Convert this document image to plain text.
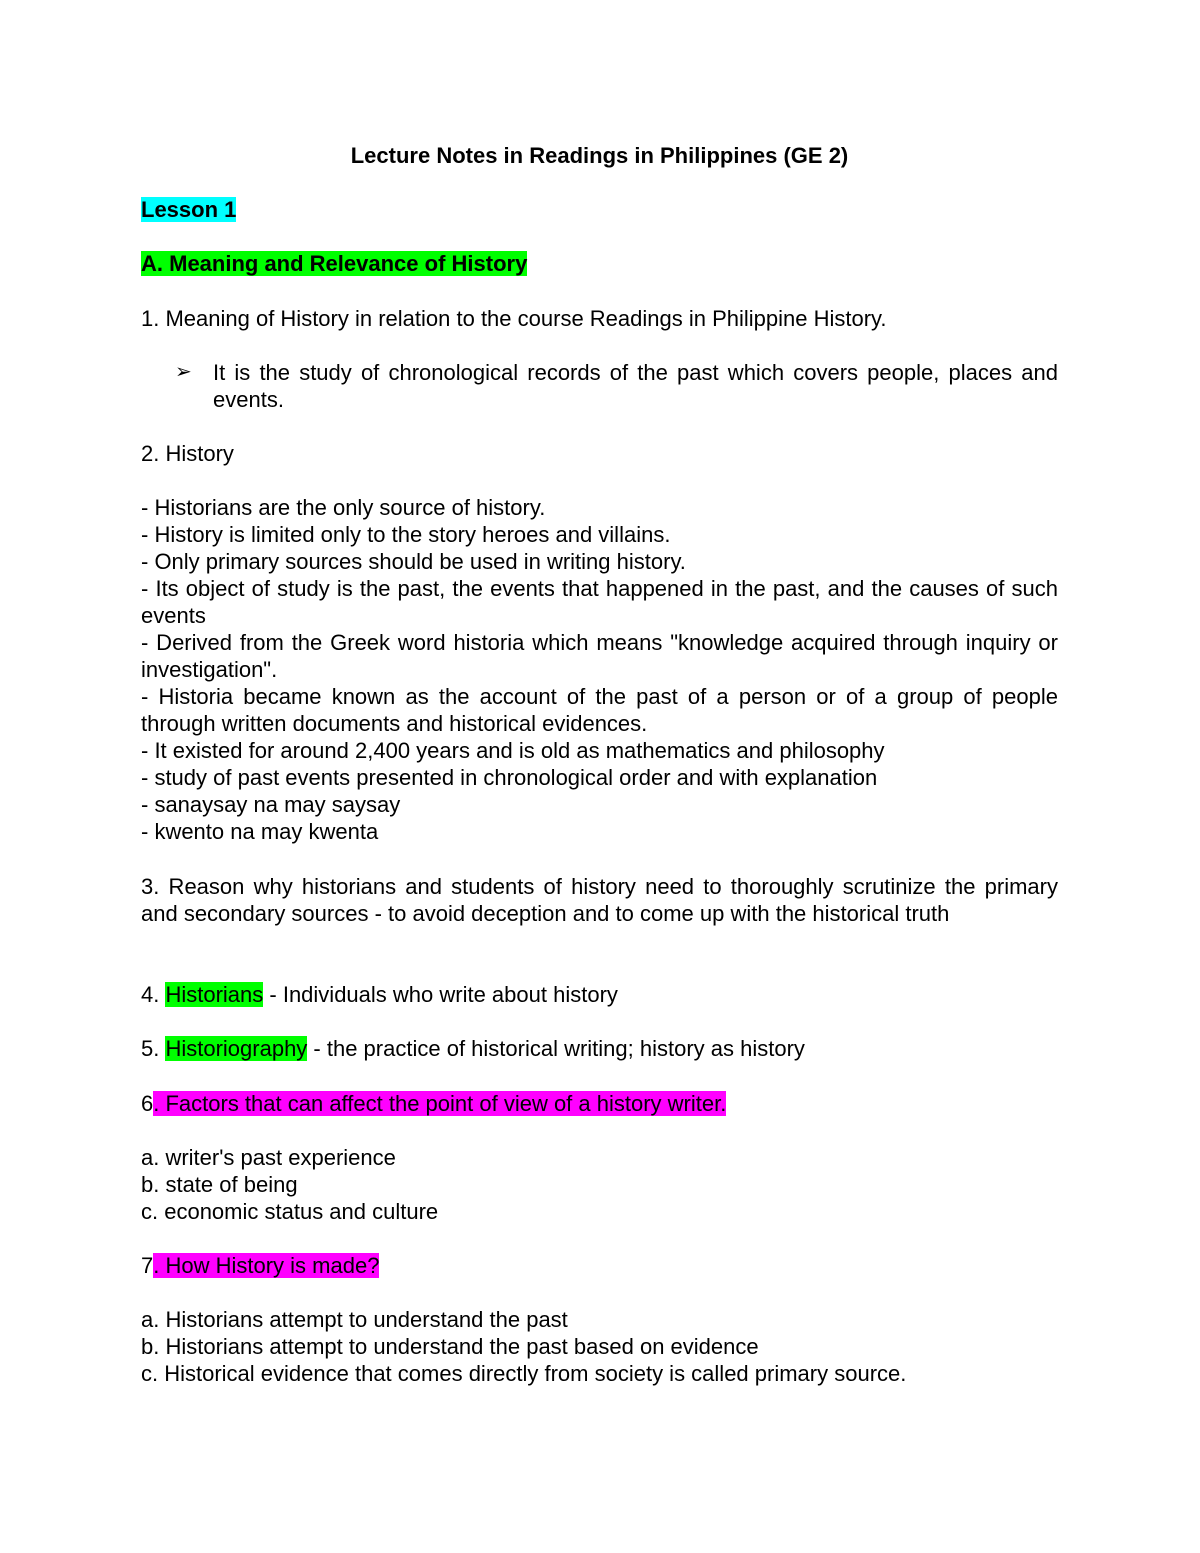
Lecture Notes in Readings in Philippines (GE 2)
Lesson 1
A. Meaning and Relevance of History
1. Meaning of History in relation to the course Readings in Philippine History.
➢ It is the study of chronological records of the past which covers people, places and events.
2. History
- Historians are the only source of history.
- History is limited only to the story heroes and villains.
- Only primary sources should be used in writing history.
- Its object of study is the past, the events that happened in the past, and the causes of such events
- Derived from the Greek word historia which means "knowledge acquired through inquiry or investigation".
- Historia became known as the account of the past of a person or of a group of people through written documents and historical evidences.
- It existed for around 2,400 years and is old as mathematics and philosophy
- study of past events presented in chronological order and with explanation
- sanaysay na may saysay
- kwento na may kwenta
3. Reason why historians and students of history need to thoroughly scrutinize the primary and secondary sources - to avoid deception and to come up with the historical truth
4. Historians - Individuals who write about history
5. Historiography - the practice of historical writing; history as history
6. Factors that can affect the point of view of a history writer.
a. writer's past experience
b. state of being
c. economic status and culture
7. How History is made?
a. Historians attempt to understand the past
b. Historians attempt to understand the past based on evidence
c. Historical evidence that comes directly from society is called primary source.
